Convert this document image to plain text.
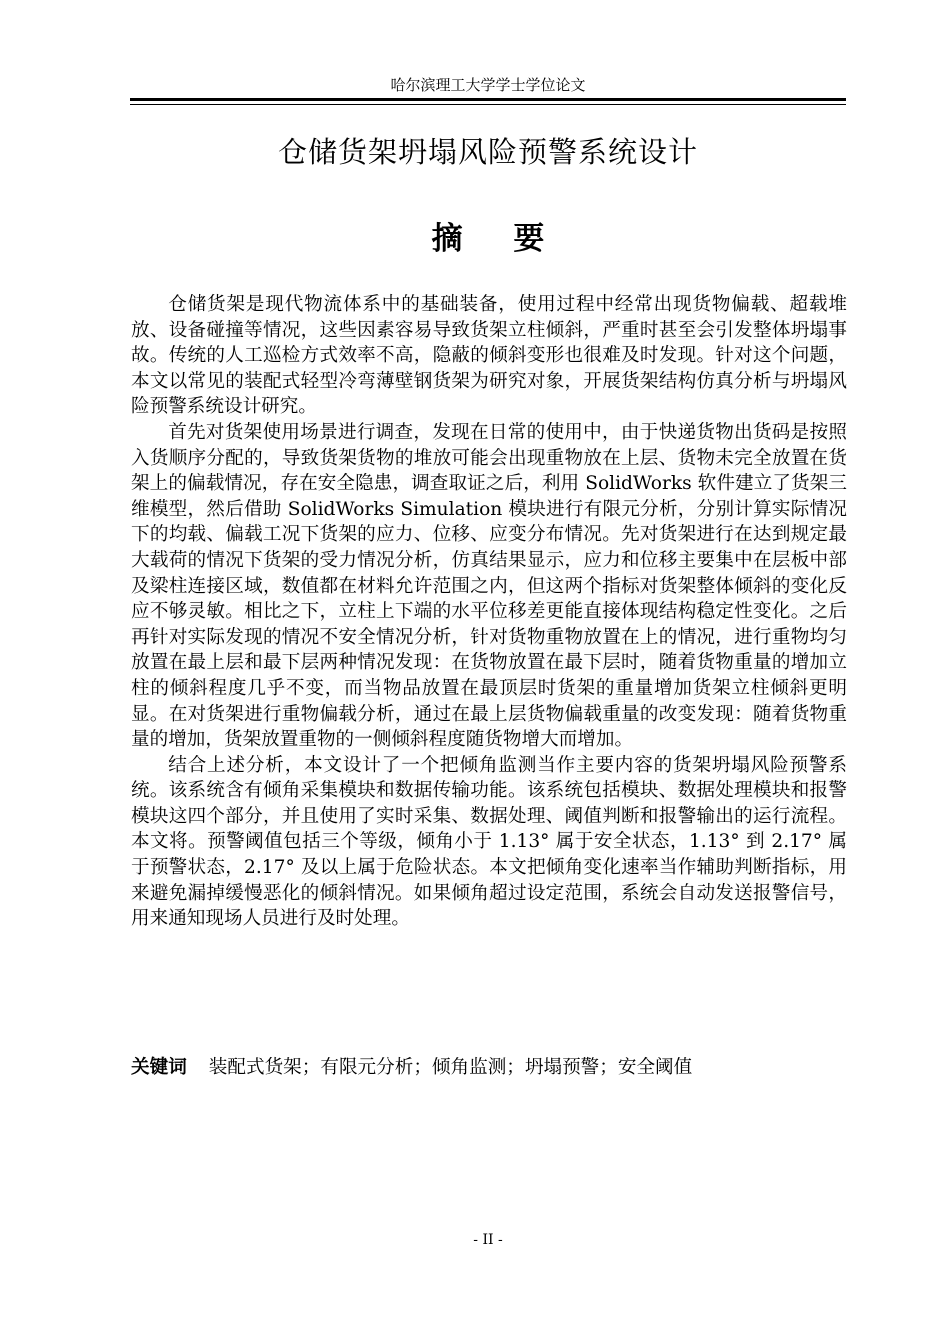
哈尔滨理工大学学士学位论文
仓储货架坍塌风险预警系统设计
摘 要

仓储货架是现代物流体系中的基础装备，使用过程中经常出现货物偏载、超载堆放、设备碰撞等情况，这些因素容易导致货架立柱倾斜，严重时甚至会引发整体坍塌事故。传统的人工巡检方式效率不高，隐蔽的倾斜变形也很难及时发现。针对这个问题，本文以常见的装配式轻型冷弯薄壁钢货架为研究对象，开展货架结构仿真分析与坍塌风险预警系统设计研究。

首先对货架使用场景进行调查，发现在日常的使用中，由于快递货物出货码是按照入货顺序分配的，导致货架货物的堆放可能会出现重物放在上层、货物未完全放置在货架上的偏载情况，存在安全隐患，调查取证之后，利用 SolidWorks 软件建立了货架三维模型，然后借助 SolidWorks Simulation 模块进行有限元分析，分别计算实际情况下的均载、偏载工况下货架的应力、位移、应变分布情况。先对货架进行在达到规定最大载荷的情况下货架的受力情况分析，仿真结果显示，应力和位移主要集中在层板中部及梁柱连接区域，数值都在材料允许范围之内，但这两个指标对货架整体倾斜的变化反应不够灵敏。相比之下，立柱上下端的水平位移差更能直接体现结构稳定性变化。之后再针对实际发现的情况不安全情况分析，针对货物重物放置在上的情况，进行重物均匀放置在最上层和最下层两种情况发现：在货物放置在最下层时，随着货物重量的增加立柱的倾斜程度几乎不变，而当物品放置在最顶层时货架的重量增加货架立柱倾斜更明显。在对货架进行重物偏载分析，通过在最上层货物偏载重量的改变发现：随着货物重量的增加，货架放置重物的一侧倾斜程度随货物增大而增加。

结合上述分析，本文设计了一个把倾角监测当作主要内容的货架坍塌风险预警系统。该系统含有倾角采集模块和数据传输功能。该系统包括模块、数据处理模块和报警模块这四个部分，并且使用了实时采集、数据处理、阈值判断和报警输出的运行流程。本文将。预警阈值包括三个等级，倾角小于 1.13° 属于安全状态，1.13° 到 2.17° 属于预警状态，2.17° 及以上属于危险状态。本文把倾角变化速率当作辅助判断指标，用来避免漏掉缓慢恶化的倾斜情况。如果倾角超过设定范围，系统会自动发送报警信号，用来通知现场人员进行及时处理。

关键词 装配式货架；有限元分析；倾角监测；坍塌预警；安全阈值
- II -
